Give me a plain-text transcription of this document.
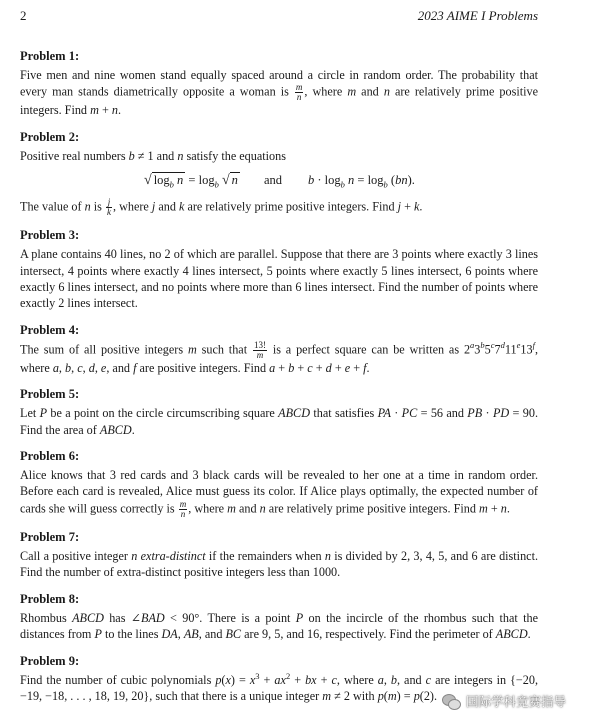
2	2023 AIME I Problems
Problem 1:

Five men and nine women stand equally spaced around a circle in random order. The probability that every man stands diametrically opposite a woman is $\frac{m}{n}$ , where m and n are relatively prime positive integers. Find m + n.

Problem 2:

Positive real numbers b ≠ 1 and n satisfy the equations

√ $\log_b n = \log_b$ √ n and $b \cdot \log_b n = \log_b (bn)$.

The value of n is $\frac{j}{k}$ , where j and k are relatively prime positive integers. Find j + k.

Problem 3:

A plane contains 40 lines, no 2 of which are parallel. Suppose that there are 3 points where exactly 3 lines intersect, 4 points where exactly 4 lines intersect, 5 points where exactly 5 lines intersect, 6 points where exactly 6 lines intersect, and no points where more than 6 lines intersect. Find the number of points where exactly 2 lines intersect.

Problem 4:

The sum of all positive integers m such that $\frac{13!}{m}$ is a perfect square can be written as 2$^a$3$^b$5$^c$7$^d$11e13$^f$, where a, b, c, d, e, and f are positive integers. Find a + b + c + d + e + f.

Problem 5:

Let P be a point on the circle circumscribing square ABCD that satisfies PA · PC = 56 and PB · PD = 90. Find the area of ABCD.

Problem 6:

Alice knows that 3 red cards and 3 black cards will be revealed to her one at a time in random order. Before each card is revealed, Alice must guess its color. If Alice plays optimally, the expected number of cards she will guess correctly is $\frac{m}{n}$ , where m and n are relatively prime positive integers. Find m + n.

Problem 7:

Call a positive integer n extra-distinct if the remainders when n is divided by 2, 3, 4, 5, and 6 are distinct. Find the number of extra-distinct positive integers less than 1000.

Problem 8:

Rhombus ABCD has ∠BAD < 90°. There is a point P on the incircle of the rhombus such that the distances from P to the lines DA, AB, and BC are 9, 5, and 16, respectively. Find the perimeter of ABCD.

Problem 9:

Find the number of cubic polynomials $p(x) = x^3 + ax^2$ + bx + c, where a, b, and c are integers in {−20, −19, −18, . . . , 18, 19, 20}, such that there is a unique integer m ≠ 2 with p(m) = p(2).	国际学科竞赛指导
